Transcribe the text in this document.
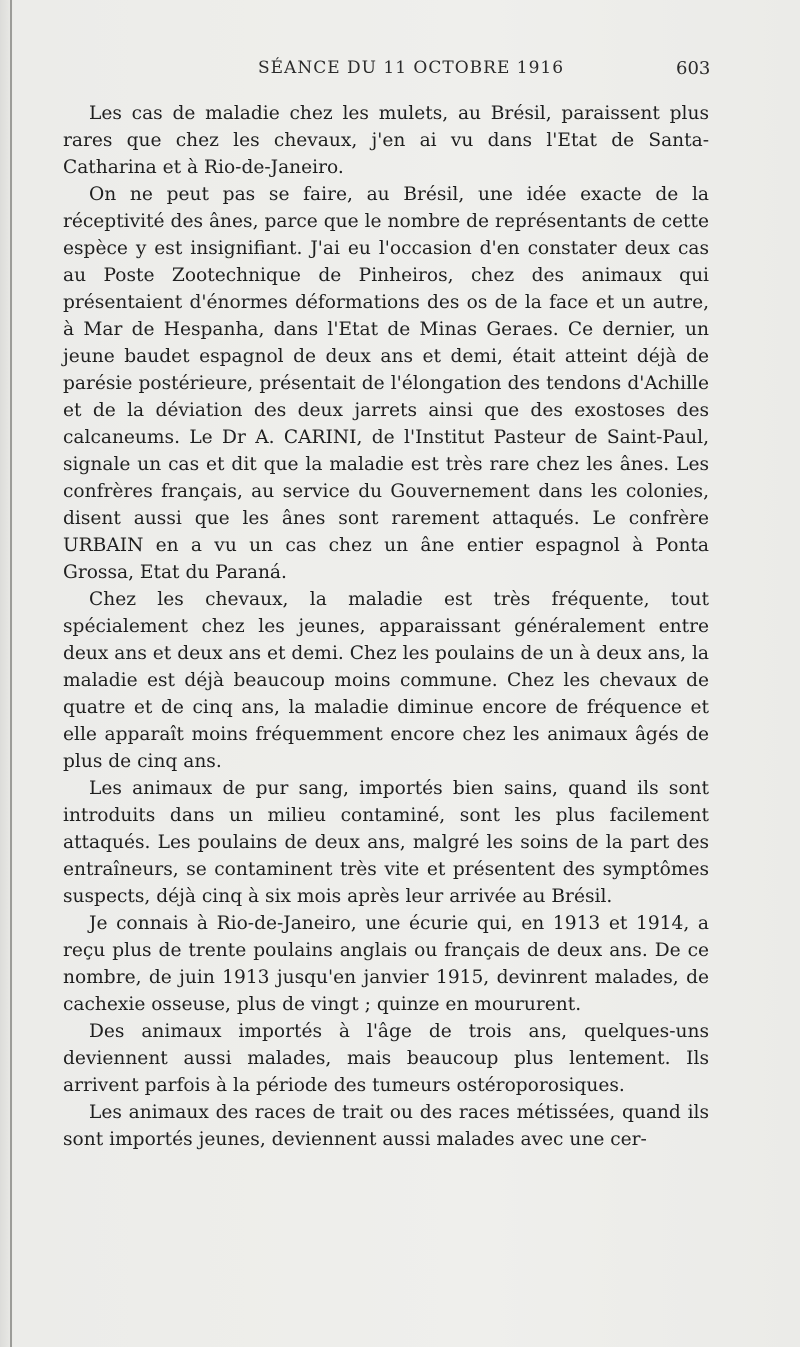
SÉANCE DU 11 OCTOBRE 1916	603

Les cas de maladie chez les mulets, au Brésil, paraissent plus rares que chez les chevaux, j'en ai vu dans l'Etat de Santa-Catharina et à Rio-de-Janeiro.

On ne peut pas se faire, au Brésil, une idée exacte de la réceptivité des ânes, parce que le nombre de représentants de cette espèce y est insignifiant. J'ai eu l'occasion d'en constater deux cas au Poste Zootechnique de Pinheiros, chez des animaux qui présentaient d'énormes déformations des os de la face et un autre, à Mar de Hespanha, dans l'Etat de Minas Geraes. Ce dernier, un jeune baudet espagnol de deux ans et demi, était atteint déjà de parésie postérieure, présentait de l'élongation des tendons d'Achille et de la déviation des deux jarrets ainsi que des exostoses des calcaneums. Le Dr A. CARINI, de l'Institut Pasteur de Saint-Paul, signale un cas et dit que la maladie est très rare chez les ânes. Les confrères français, au service du Gouvernement dans les colonies, disent aussi que les ânes sont rarement attaqués. Le confrère URBAIN en a vu un cas chez un âne entier espagnol à Ponta Grossa, Etat du Paraná.

Chez les chevaux, la maladie est très fréquente, tout spécialement chez les jeunes, apparaissant généralement entre deux ans et deux ans et demi. Chez les poulains de un à deux ans, la maladie est déjà beaucoup moins commune. Chez les chevaux de quatre et de cinq ans, la maladie diminue encore de fréquence et elle apparaît moins fréquemment encore chez les animaux âgés de plus de cinq ans.

Les animaux de pur sang, importés bien sains, quand ils sont introduits dans un milieu contaminé, sont les plus facilement attaqués. Les poulains de deux ans, malgré les soins de la part des entraîneurs, se contaminent très vite et présentent des symptômes suspects, déjà cinq à six mois après leur arrivée au Brésil.

Je connais à Rio-de-Janeiro, une écurie qui, en 1913 et 1914, a reçu plus de trente poulains anglais ou français de deux ans. De ce nombre, de juin 1913 jusqu'en janvier 1915, devinrent malades, de cachexie osseuse, plus de vingt ; quinze en moururent.

Des animaux importés à l'âge de trois ans, quelques-uns deviennent aussi malades, mais beaucoup plus lentement. Ils arrivent parfois à la période des tumeurs ostéroporosiques.

Les animaux des races de trait ou des races métissées, quand ils sont importés jeunes, deviennent aussi malades avec une cer-
